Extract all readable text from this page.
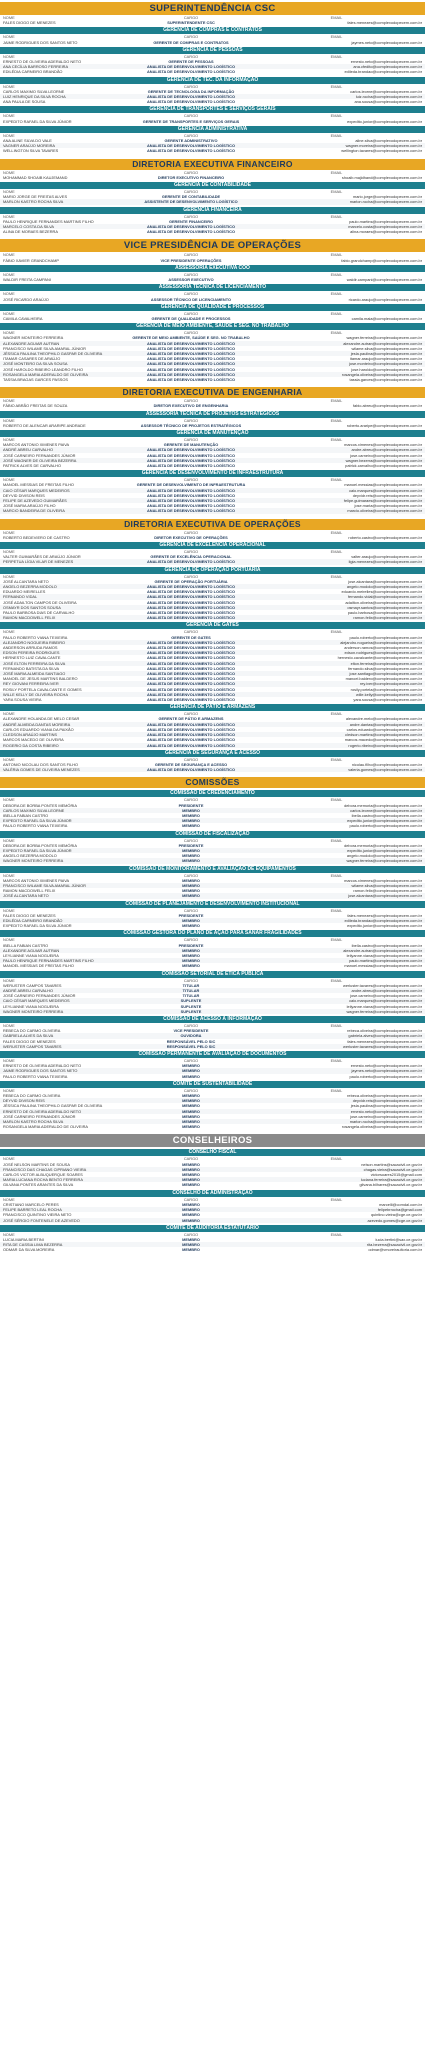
SUPERINTENDÊNCIA CSC
NOME	CARGO	EMAIL
FALES DIOGO DE MENEZES	SUPERINTENDENTE CSC	fales.menezes@complexodopecem.com.br
GERÊNCIA DE COMPRAS E CONTRATOS
NOME	CARGO	EMAIL
JAIME RODRIGUES DOS SANTOS NETO	GERENTE DE COMPRAS E CONTRATOS	jaymes.neto@complexodopecem.com.br
GERÊNCIA DE PESSOAS
NOME	CARGO	EMAIL
ERNESTO DE OLIVEIRA ADERALDO NETO	GERENTE DE PESSOAS	ernesto.neto@complexodopecem.com.br
ANA CECÍLIA BARROSO FERREIRA	ANALISTA DE DESENVOLVIMENTO LOGÍSTICO	ana.cfedito@complexodopecem.com.br
EDILÉDIA CARNEIRO BRANDÃO	ANALISTA DE DESENVOLVIMENTO LOGÍSTICO	edileda.brandao@complexodopecem.com.br
GERÊNCIA DE TEC. DA INFORMAÇÃO
NOME	CARGO	EMAIL
CARLOS MAXIMO SILVA LEORNE	GERENTE DE TECNOLOGIA DA INFORMAÇÃO	carlos.leorne@complexodopecem.com.br
LUIZ HENRIQUE DA SILVA ROCHA	ANALISTA DE DESENVOLVIMENTO LOGÍSTICO	luiz.rocha@complexodopecem.com.br
ANA PAULA DE SOUSA	ANALISTA DE DESENVOLVIMENTO LOGÍSTICO	ana.sousa@complexodopecem.com.br
GERÊNCIA DE TRANSPORTES E SERVIÇOS GERAIS
NOME	CARGO	EMAIL
EXPEDITO RAFAEL DA SILVA JÚNIOR	GERENTE DE TRANSPORTES E SERVIÇOS GERAIS	expedito.junior@complexodopecem.com.br
GERÊNCIA ADMINISTRATIVA
NOME	CARGO	EMAIL
ANA ALINE SILVA DO VALE	GERENTE ADMINISTRATIVO	aline.silva@complexodopecem.com.br
VAGNER ARAÚJO MOREIRA	ANALISTA DE DESENVOLVIMENTO LOGÍSTICO	wagner.moreira@complexodopecem.com.br
WELLINGTON SILVA TAVARES	ANALISTA DE DESENVOLVIMENTO LOGÍSTICO	wellington.tavares@complexodopecem.com.br
DIRETORIA EXECUTIVA FINANCEIRO
NOME	CARGO	EMAIL
MOHAMMAD SHOAIB KAUJEMAND	DIRETOR EXECUTIVO FINANCEIRO	shoaib.majidhand@complexodopecem.com.br
GERÊNCIA DE CONTABILIDADE
NOME	CARGO	EMAIL
MARIO JORGE DE FREITAS ALVES	GERENTE DE CONTABILIDADE	mario.jorge@complexodopecem.com.br
MARLON KASTRO ROCHA SILVA	ASSISTENTE DE DESENVOLVIMENTO LOGÍSTICO	marlon.rocha@complexodopecem.com.br
GERÊNCIA FINANCEIRA
NOME	CARGO	EMAIL
PAULO HENRIQUE FERNANDES MARTINS FILHO	GERENTE FINANCEIRO	paulo.martins@complexodopecem.com.br
MARCELO COSTA DA SILVA	ANALISTA DE DESENVOLVIMENTO LOGÍSTICO	marcelo.costa@complexodopecem.com.br
ALINA DE MORAES BEZERRA	ANALISTA DE DESENVOLVIMENTO LOGÍSTICO	alina.moraes@complexodopecem.com.br
VICE PRESIDÊNCIA DE OPERAÇÕES
NOME	CARGO	EMAIL
FÁBIO XAVIER GRANDCHAMP	VICE PRESIDENTE OPERAÇÕES	fabio.grandchamp@complexodopecem.com.br
ASSESSORIA EXECUTIVA COO
NOME	CARGO	EMAIL
WALDIR FREITA CAMPANI	ASSESSOR EXECUTIVO	waldir.campani@complexodopecem.com.br
ASSESSORIA TÉCNICA DE LICENCIAMENTO
NOME	CARGO	EMAIL
JOSÉ RICARDO ARAÚJO	ASSESSOR TÉCNICO DE LICENCIAMENTO	ricardo.araujo@complexodopecem.com.br
GERÊNCIA DE QUALIDADE E PROCESSOS
NOME	CARGO	EMAIL
CAMILA CAVALHEIRA	GERENTE DE QUALIDADE E PROCESSOS	camila.maia@complexodopecem.com.br
GERÊNCIA DE MEIO AMBIENTE, SAÚDE E SEG. NO TRABALHO
NOME	CARGO	EMAIL
WAGNER MONTEIRO FERREIRA	GERENTE DE MEIO AMBIENTE, SAÚDE E SEG. NO TRABALHO	wagner.ferreira@complexodopecem.com.br
ALEXANDRE AGUIAR AUTRAN	ANALISTA DE DESENVOLVIMENTO LOGÍSTICO	alexandre.autran@complexodopecem.com.br
FRANCISCO WILAME SILVA AMARAL JÚNIOR	ANALISTA DE DESENVOLVIMENTO LOGÍSTICO	wilame.silva@complexodopecem.com.br
JÉSSICA PAULINA THEOPHILO GASPAR DE OLIVEIRA	ANALISTA DE DESENVOLVIMENTO LOGÍSTICO	jesla.paulina@complexodopecem.com.br
ITAMAR CASARES DE ARAÚJO	ANALISTA DE DESENVOLVIMENTO LOGÍSTICO	itamar.araujo@complexodopecem.com.br
JOSÉ MONTEIRO DA SILVA SOUSA	ANALISTA DE DESENVOLVIMENTO LOGÍSTICO	jose.monteiro@complexodopecem.com.br
JOSÉ HAROLDO RIBEIRO LEANDRO FILHO	ANALISTA DE DESENVOLVIMENTO LOGÍSTICO	jose.haroldo@complexodopecem.com.br
ROSANGELA MARIA ADERALDO DE OLIVEIRA	ANALISTA DE DESENVOLVIMENTO LOGÍSTICO	rosangela.oliveira@complexodopecem.com.br
TASSIA BRAGAS GARCES PASSOS	ANALISTA DE DESENVOLVIMENTO LOGÍSTICO	tassia.garces@complexodopecem.com.br
DIRETORIA EXECUTIVA DE ENGENHARIA
NOME	CARGO	EMAIL
FÁBIO ABRÃO FREITAS DE SOUZA	DIRETOR EXECUTIVO DE ENGENHARIA	fabio.abreu@complexodopecem.com.br
ASSESSORIA TÉCNICA DE PROJETOS ESTRATÉGICOS
NOME	CARGO	EMAIL
ROBERTO DE ALENCAR ARARIPE ANDRADE	ASSESSOR TÉCNICO DE PROJETOS ESTRATÉGICOS	roberto.araripe@complexodopecem.com.br
GERÊNCIA DE MANUTENÇÃO
NOME	CARGO	EMAIL
MARCOS ANTONIO XIMENES PAIVA	GERENTE DE MANUTENÇÃO	marcos.ximenes@complexodopecem.com.br
ANDRÉ ABREU CARVALHO	ANALISTA DE DESENVOLVIMENTO LOGÍSTICO	andre.abreu@complexodopecem.com.br
JOSÉ CARNEIRO FERNANDES JÚNIOR	ANALISTA DE DESENVOLVIMENTO LOGÍSTICO	jose.carneiro@complexodopecem.com.br
JOSÉ WAGNER DE OLIVEIRA BEZERRA	ANALISTA DE DESENVOLVIMENTO LOGÍSTICO	wagner.bezerra@complexodopecem.com.br
PATRICK ALVES DE CARVALHO	ANALISTA DE DESENVOLVIMENTO LOGÍSTICO	patrick.carvalho@complexodopecem.com.br
GERÊNCIA DE DESENVOLVIMENTO DE INFRAESTRUTURA
NOME	CARGO	EMAIL
MANOEL MESSIAS DE FREITAS FILHO	GERENTE DE DESENVOLVIMENTO DE INFRAESTRUTURA	manoel.messias@complexodopecem.com.br
CAIO CÉSAR MARQUES MEDEIROS	ANALISTA DE DESENVOLVIMENTO LOGÍSTICO	caio.marques@complexodopecem.com.br
DEYVID DIVISON REIS	ANALISTA DE DESENVOLVIMENTO LOGÍSTICO	deyvidr.reis@complexodopecem.com.br
FELIPE DE AZEVEDO GUIMARÃES	ANALISTA DE DESENVOLVIMENTO LOGÍSTICO	felipe.guimaraes@complexodopecem.com.br
JOSÉ MARIA ARAÚJO FILHO	ANALISTA DE DESENVOLVIMENTO LOGÍSTICO	jose.maria@complexodopecem.com.br
MARCIO BANDEIRA DE OLIVEIRA	ANALISTA DE DESENVOLVIMENTO LOGÍSTICO	marcio.oliveira@complexodopecem.com.br
DIRETORIA EXECUTIVA DE OPERAÇÕES
NOME	CARGO	EMAIL
ROBERTO BEDEVIERO DE CASTRO	DIRETOR EXECUTIVO DE OPERAÇÕES	roberto.castro@complexodopecem.com.br
GERÊNCIA DE EXCELÊNCIA OPERACIONAL
NOME	CARGO	EMAIL
VALTER GUIMARÃES DE ARAÚJO JÚNIOR	GERENTE DE EXCELÊNCIA OPERACIONAL	valter.araujo@complexodopecem.com.br
PERPETUA LÍGIA VILAR DE MENEZES	ANALISTA DE DESENVOLVIMENTO LOGÍSTICO	ligia.menezes@complexodopecem.com.br
GERÊNCIA DE OPERAÇÃO PORTUÁRIA
NOME	CARGO	EMAIL
JOSÉ ALCANTARA NETO	GERENTE DE OPERAÇÃO PORTUÁRIA	jose.alcantara@complexodopecem.com.br
ANGELO BEZERRA MODOLO	ANALISTA DE DESENVOLVIMENTO LOGÍSTICO	angelo.modolo@complexodopecem.com.br
EDUARDO MEIRELLES	ANALISTA DE DESENVOLVIMENTO LOGÍSTICO	eduardo.meirelles@complexodopecem.com.br
FERNANDO VIDAL	ANALISTA DE DESENVOLVIMENTO LOGÍSTICO	fernando.vidal@complexodopecem.com.br
JOSÉ ADAILTON CAMPOS DE OLIVEIRA	ANALISTA DE DESENVOLVIMENTO LOGÍSTICO	adailton.oliveira@complexodopecem.com.br
OSMAYR DOS SANTOS SOUSA	ANALISTA DE DESENVOLVIMENTO LOGÍSTICO	osmayr.santos@complexodopecem.com.br
PAULO BARBOSA DIAS DE CARVALHO	ANALISTA DE DESENVOLVIMENTO LOGÍSTICO	paulo.barbosa@complexodopecem.com.br
RAMON MACDOWELL FELIX	ANALISTA DE DESENVOLVIMENTO LOGÍSTICO	ramon.felix@complexodopecem.com.br
GERÊNCIA DE GATES
NOME	CARGO	EMAIL
PAULO ROBERTO VIANA TEIXEIRA	GERENTE DE GATES	paulo.roberto@complexodopecem.com.br
ALEJANDRO NOGUEIRA RIBEIRO	ANALISTA DE DESENVOLVIMENTO LOGÍSTICO	alejandro.nogueira@complexodopecem.com.br
ANDERSON ARRUDA RAMOS	ANALISTA DE DESENVOLVIMENTO LOGÍSTICO	anderson.ramos@complexodopecem.com.br
EDSON PEREIRA RODRIGUES	ANALISTA DE DESENVOLVIMENTO LOGÍSTICO	edson.rodrigues@complexodopecem.com.br
HERNESTO LUIZ CAVALCANTE	ANALISTA DE DESENVOLVIMENTO LOGÍSTICO	hernesto.cavalcante@complexodopecem.com.br
JOSÉ ELTON FERREIRA DA SILVA	ANALISTA DE DESENVOLVIMENTO LOGÍSTICO	elton.ferreira@complexodopecem.com.br
FERNANDO BATISTA DA SILVA	ANALISTA DE DESENVOLVIMENTO LOGÍSTICO	fernando.silva@complexodopecem.com.br
JOSÉ MARIA ALMEIDA SANTIAGO	ANALISTA DE DESENVOLVIMENTO LOGÍSTICO	jose.santiago@complexodopecem.com.br
MANOEL DE JESUS MARTINS BALDERO	ANALISTA DE DESENVOLVIMENTO LOGÍSTICO	manoel.baldero@complexodopecem.com.br
REY GIOVANI FERREIRA IVER	ANALISTA DE DESENVOLVIMENTO LOGÍSTICO	rey.iver@complexodopecem.com.br
ROSILY PORTELA CAVALCANTE E GOMES	ANALISTA DE DESENVOLVIMENTO LOGÍSTICO	rosily.portela@complexodopecem.com.br
WILLE KELLY DE OLIVEIRA ROCHA	ANALISTA DE DESENVOLVIMENTO LOGÍSTICO	wille.kelly@complexodopecem.com.br
YARA SOUSA VIEIRA	ANALISTA DE DESENVOLVIMENTO LOGÍSTICO	yara.sousa@complexodopecem.com.br
GERÊNCIA DE PÁTIO E ARMAZENS
NOME	CARGO	EMAIL
ALEXANDRE HOLANDA DE MELO CESAR	GERENTE DE PÁTIO E ARMAZENS	alexandre.melo@complexodopecem.com.br
ANDRÉ ALMEIDA DANTAS MOREIRA	ANALISTA DE DESENVOLVIMENTO LOGÍSTICO	andre.dantas@complexodopecem.com.br
CARLOS EDUARDO VIANA DA PAIXÃO	ANALISTA DE DESENVOLVIMENTO LOGÍSTICO	carlos.eduardo@complexodopecem.com.br
CLEDSON ARAÚJO MARTINS	ANALISTA DE DESENVOLVIMENTO LOGÍSTICO	cledson.martins@complexodopecem.com.br
MARCOS MACEDO DE OLIVEIRA	ANALISTA DE DESENVOLVIMENTO LOGÍSTICO	marcos.macedo@complexodopecem.com.br
ROGERIO DA COSTA RIBEIRO	ANALISTA DE DESENVOLVIMENTO LOGÍSTICO	rogerio.ribeiro@complexodopecem.com.br
GERÊNCIA DE SEGURANÇA E ACESSO
NOME	CARGO	EMAIL
ANTONIO NICOLAU DOS SANTOS FILHO	GERENTE DE SEGURANÇA E ACESSO	nicolau.filho@complexodopecem.com.br
VALÉRIA GOMES DE OLIVEIRA MENEZES	ANALISTA DE DESENVOLVIMENTO LOGÍSTICO	valeria.gomes@complexodopecem.com.br
COMISSÕES
COMISSÃO DE CREDENCIAMENTO
NOME	CARGO	EMAIL
DEBORA DE BORBA PONTES MEMÓRIA	PRESIDENTE	debora.memoria@complexodopecem.com.br
CARLOS MAXIMO SILVA LEORNE	MEMBRO	carlos.leorne@complexodopecem.com.br
IBELLA FABIAN CASTRO	MEMBRO	ibella.castro@complexodopecem.com.br
EXPEDITO RAFAEL DA SILVA JÚNIOR	MEMBRO	expedito.junior@complexodopecem.com.br
PAULO ROBERTO VIANA TEIXEIRA	MEMBRO	paulo.roberto@complexodopecem.com.br
COMISSÃO DE FISCALIZAÇÃO
NOME	CARGO	EMAIL
DEBORA DE BORBA PONTES MEMÓRIA	PRESIDENTE	debora.memoria@complexodopecem.com.br
EXPEDITO RAFAEL DA SILVA JÚNIOR	MEMBRO	expedito.junior@complexodopecem.com.br
ANGELO BEZERRA MODOLO	MEMBRO	angelo.modolo@complexodopecem.com.br
WAGNER MONTEIRO FERREIRA	MEMBRO	wagner.ferreira@complexodopecem.com.br
COMISSÃO DE MONITORAMENTO E AVALIAÇÃO DE EQUIPAMENTOS
NOME	CARGO	EMAIL
MARCOS ANTONIO XIMENES PAIVA	MEMBRO	marcos.ximenes@complexodopecem.com.br
FRANCISCO WILAME SILVA AMARAL JÚNIOR	MEMBRO	wilame.silva@complexodopecem.com.br
RAMON MACDOWELL FELIX	MEMBRO	ramon.felix@complexodopecem.com.br
JOSÉ ALCANTARA NETO	MEMBRO	jose.alcantara@complexodopecem.com.br
COMISSÃO DE PLANEJAMENTO E DESENVOLVIMENTO INSTITUCIONAL
NOME	CARGO	EMAIL
FALES DIOGO DE MENEZES	PRESIDENTE	fales.menezes@complexodopecem.com.br
EDILÉDIA CARNEIRO BRANDÃO	MEMBRO	edileda.brandao@complexodopecem.com.br
EXPEDITO RAFAEL DA SILVA JÚNIOR	MEMBRO	expedito.junior@complexodopecem.com.br
COMISSÃO GESTORA DO PLANO DE AÇÃO PARA SANAR FRAGILIDADES
NOME	CARGO	EMAIL
IBELLA FABIAN CASTRO	PRESIDENTE	ibella.castro@complexodopecem.com.br
ALEXANDRE AGUIAR AUTRAN	MEMBRO	alexandre.autran@complexodopecem.com.br
LEYLIANNE VIANA NOGUEIRA	MEMBRO	leilyanne.viana@complexodopecem.com.br
PAULO HENRIQUE FERNANDES MARTINS FILHO	MEMBRO	paulo.martins@complexodopecem.com.br
MANOEL MESSIAS DE FREITAS FILHO	MEMBRO	manoel.messias@complexodopecem.com.br
COMISSÃO SETORIAL DE ÉTICA PÚBLICA
NOME	CARGO	EMAIL
WERUSTER CAMPOS TAVARES	TITULAR	werluster.tavares@complexodopecem.com.br
ANDRÉ ABREU CARVALHO	TITULAR	andre.abreu@complexodopecem.com.br
JOSÉ CARNEIRO FERNANDES JÚNIOR	TITULAR	jose.carneiro@complexodopecem.com.br
CAIO CÉSAR MARQUES MEDEIROS	SUPLENTE	caio.marques@complexodopecem.com.br
LEYLIANNE VIANA NOGUEIRA	SUPLENTE	leilyanne.viana@complexodopecem.com.br
WAGNER MONTEIRO FERREIRA	SUPLENTE	wagner.ferreira@complexodopecem.com.br
COMISSÃO DE ACESSO À INFORMAÇÃO
NOME	CARGO	EMAIL
REBECA DO CARMO OLIVEIRA	VICE PRESIDENTE	rebeca.oliveira@complexodopecem.com.br
GABRIELA ALVES DA SILVA	OUVIDORA	gabriela.alves@complexodopecem.com.br
FALES DIOGO DE MENEZES	RESPONSÁVEL PELO SIC	fales.menezes@complexodopecem.com.br
WERUSTER CAMPOS TAVARES	RESPONSÁVEL PELO SIC	werluster.tavares@complexodopecem.com.br
COMISSÃO PERMANENTE DE AVALIAÇÃO DE DOCUMENTOS
NOME	CARGO	EMAIL
ERNESTO DE OLIVEIRA ADERALDO NETO	MEMBRO	ernesto.neto@complexodopecem.com.br
JAIME RODRIGUES DOS SANTOS NETO	MEMBRO	jaymes.neto@complexodopecem.com.br
PAULO ROBERTO VIANA TEIXEIRA	MEMBRO	paulo.roberto@complexodopecem.com.br
COMITÊ DE SUSTENTABILIDADE
NOME	CARGO	EMAIL
REBECA DO CARMO OLIVEIRA	MEMBRO	rebeca.oliveira@complexodopecem.com.br
DEYVID DIVISON REIS	MEMBRO	deyvidr.reis@complexodopecem.com.br
JÉSSICA PAULINA THEOPHILO GASPAR DE OLIVEIRA	MEMBRO	jesla.paulina@complexodopecem.com.br
ERNESTO DE OLIVEIRA ADERALDO NETO	MEMBRO	ernesto.neto@complexodopecem.com.br
JOSÉ CARNEIRO FERNANDES JÚNIOR	MEMBRO	jose.carneiro@complexodopecem.com.br
MARLON KASTRO ROCHA SILVA	MEMBRO	marlon.rocha@complexodopecem.com.br
ROSANGELA MARIA ADERALDO DE OLIVEIRA	MEMBRO	rosangela.oliveira@complexodopecem.com.br
CONSELHEIROS
CONSELHO FISCAL
NOME	CARGO	EMAIL
JOSÉ NELSON MARTINS DE SOUSA	MEMBRO	nelson.martins@sacacivil.ce.gov.br
FRANCISCO DAS CHAGAS CIPRIANO VIEIRA	MEMBRO	chagas.vieira@sacacivil.ce.gov.br
CARLOS VICTOR ALBUQUERQUE SOARES	MEMBRO	victorsoares2015@gmail.com
MARIA LUCIANA ROCHA BENTO FERREIRA	MEMBRO	luciana.ferreira@sacacivil.ce.gov.br
GILVANA PONTES ARANTES DA SILVA	MEMBRO	gilvana.bilhares@sacacivil.ce.gov.br
CONSELHO DE ADMINISTRAÇÃO
NOME	CARGO	EMAIL
CRISTIANO MARCELO PERES	MEMBRO	marcelli@comdal.com.br
FELIPE BARRETO LEAL ROCHA	MEMBRO	felipebrrocha@gmail.com
FRANCISCO QUINTINO VIEIRA NETO	MEMBRO	quintino.vieira@cge.ce.gov.br
JOSÉ SÉRGIO FONTENELE DE AZEVEDO	MEMBRO	azevedo.gomes@cge.ce.gov.br
COMITÊ DE AUDITORIA ESTATUTÁRIO
NOME	CARGO	EMAIL
LUCIA MARIA BERTINI	MEMBRO	lucia.bertini@sax.ce.gov.br
RITA DE CASSIA LIMA BEZERRA	MEMBRO	rita.bezerra@sacacivil.ce.gov.br
ODMAR DA SILVA MOREIRA	MEMBRO	odmar@vmoreiraultoria.com.br
